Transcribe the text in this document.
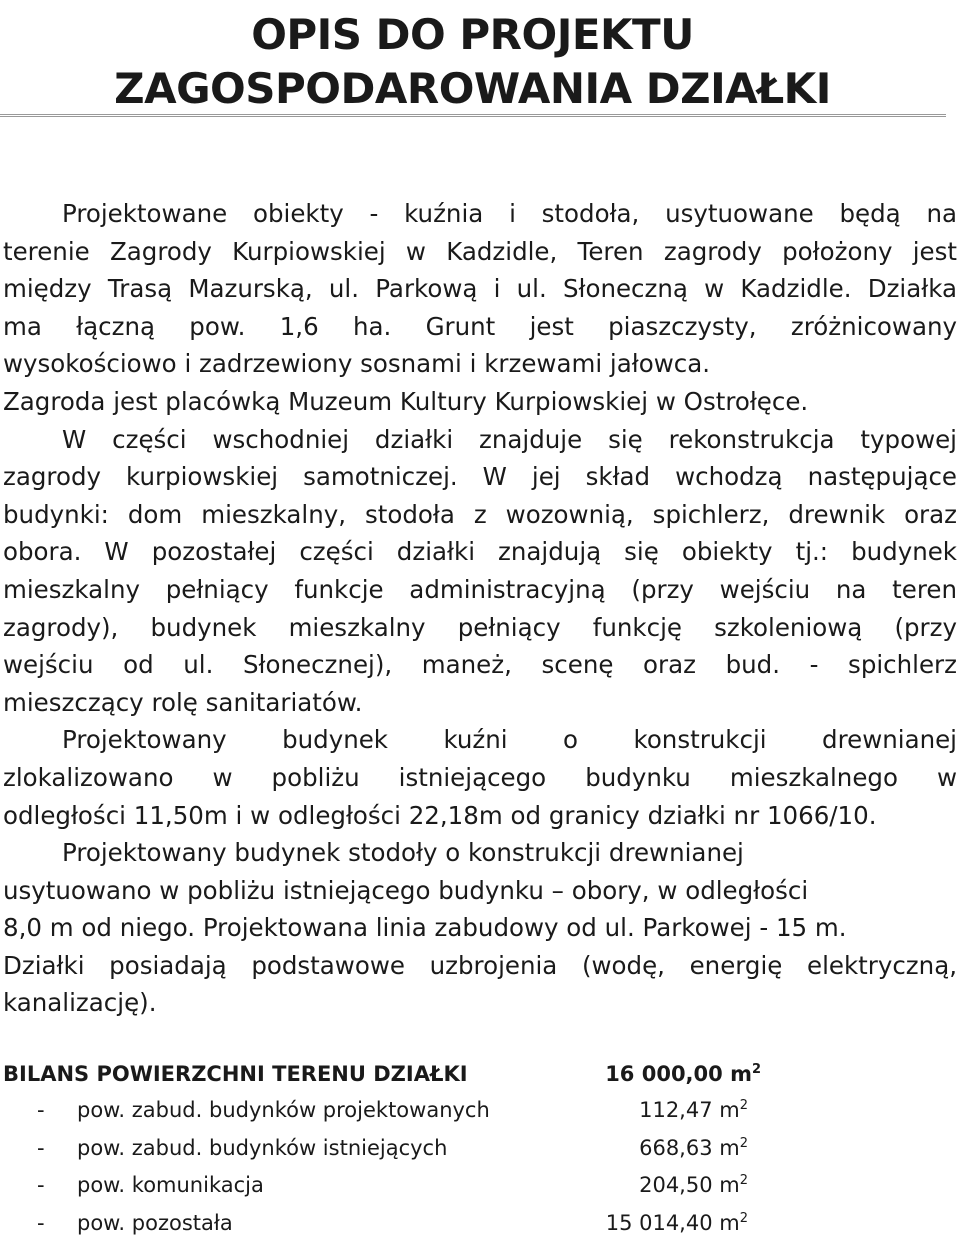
OPIS DO PROJEKTU
ZAGOSPODAROWANIA DZIAŁKI
Projektowane obiekty - kuźnia i stodoła, usytuowane będą na
terenie Zagrody Kurpiowskiej w Kadzidle, Teren zagrody położony jest
między Trasą Mazurską, ul. Parkową i ul. Słoneczną w Kadzidle. Działka
ma łączną pow. 1,6 ha. Grunt jest piaszczysty, zróżnicowany
wysokościowo i zadrzewiony sosnami i krzewami jałowca.
Zagroda jest placówką Muzeum Kultury Kurpiowskiej w Ostrołęce.
W części wschodniej działki znajduje się rekonstrukcja typowej
zagrody kurpiowskiej samotniczej. W jej skład wchodzą następujące
budynki: dom mieszkalny, stodoła z wozownią, spichlerz, drewnik oraz
obora. W pozostałej części działki znajdują się obiekty tj.: budynek
mieszkalny pełniący funkcje administracyjną (przy wejściu na teren
zagrody), budynek mieszkalny pełniący funkcję szkoleniową (przy
wejściu od ul. Słonecznej), maneż, scenę oraz bud. - spichlerz
mieszczący rolę sanitariatów.
Projektowany budynek kuźni o konstrukcji drewnianej
zlokalizowano w pobliżu istniejącego budynku mieszkalnego w
odległości 11,50m i w odległości 22,18m od granicy działki nr 1066/10.
Projektowany budynek stodoły o konstrukcji drewnianej
usytuowano w pobliżu istniejącego budynku – obory, w odległości
8,0 m od niego. Projektowana linia zabudowy od ul. Parkowej - 15 m.
Działki posiadają podstawowe uzbrojenia (wodę, energię elektryczną,
kanalizację).
BILANS POWIERZCHNI TERENU DZIAŁKI	16 000,00 $m^2$
- pow. zabud. budynków projektowanych	112,47 $m^2$
- pow. zabud. budynków istniejących	668,63 $m^2$
- pow. komunikacja	204,50 $m^2$
- pow. pozostała	15 014,40 $m^2$
